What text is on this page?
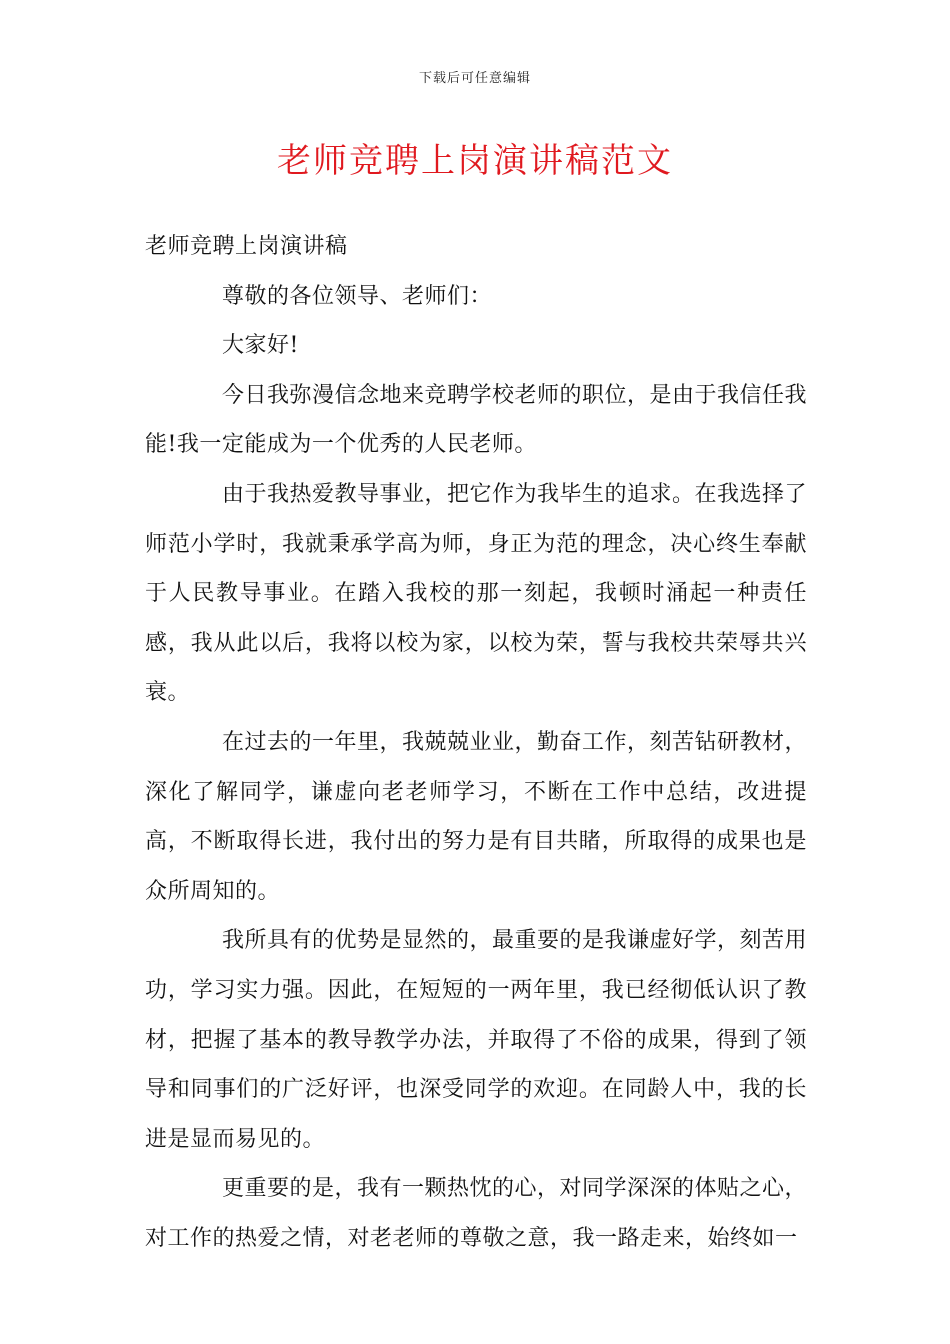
下载后可任意编辑
老师竞聘上岗演讲稿范文

老师竞聘上岗演讲稿

尊敬的各位领导、老师们：

大家好!

今日我弥漫信念地来竞聘学校老师的职位，是由于我信任我能!我一定能成为一个优秀的人民老师。

由于我热爱教导事业，把它作为我毕生的追求。在我选择了师范小学时，我就秉承学高为师，身正为范的理念，决心终生奉献于人民教导事业。在踏入我校的那一刻起，我顿时涌起一种责任感，我从此以后，我将以校为家，以校为荣，誓与我校共荣辱共兴衰。

在过去的一年里，我兢兢业业，勤奋工作，刻苦钻研教材，深化了解同学，谦虚向老老师学习，不断在工作中总结，改进提高，不断取得长进，我付出的努力是有目共睹，所取得的成果也是众所周知的。

我所具有的优势是显然的，最重要的是我谦虚好学，刻苦用功，学习实力强。因此，在短短的一两年里，我已经彻低认识了教材，把握了基本的教导教学办法，并取得了不俗的成果，得到了领导和同事们的广泛好评，也深受同学的欢迎。在同龄人中，我的长进是显而易见的。

更重要的是，我有一颗热忱的心，对同学深深的体贴之心，对工作的热爱之情，对老老师的尊敬之意，我一路走来，始终如一
